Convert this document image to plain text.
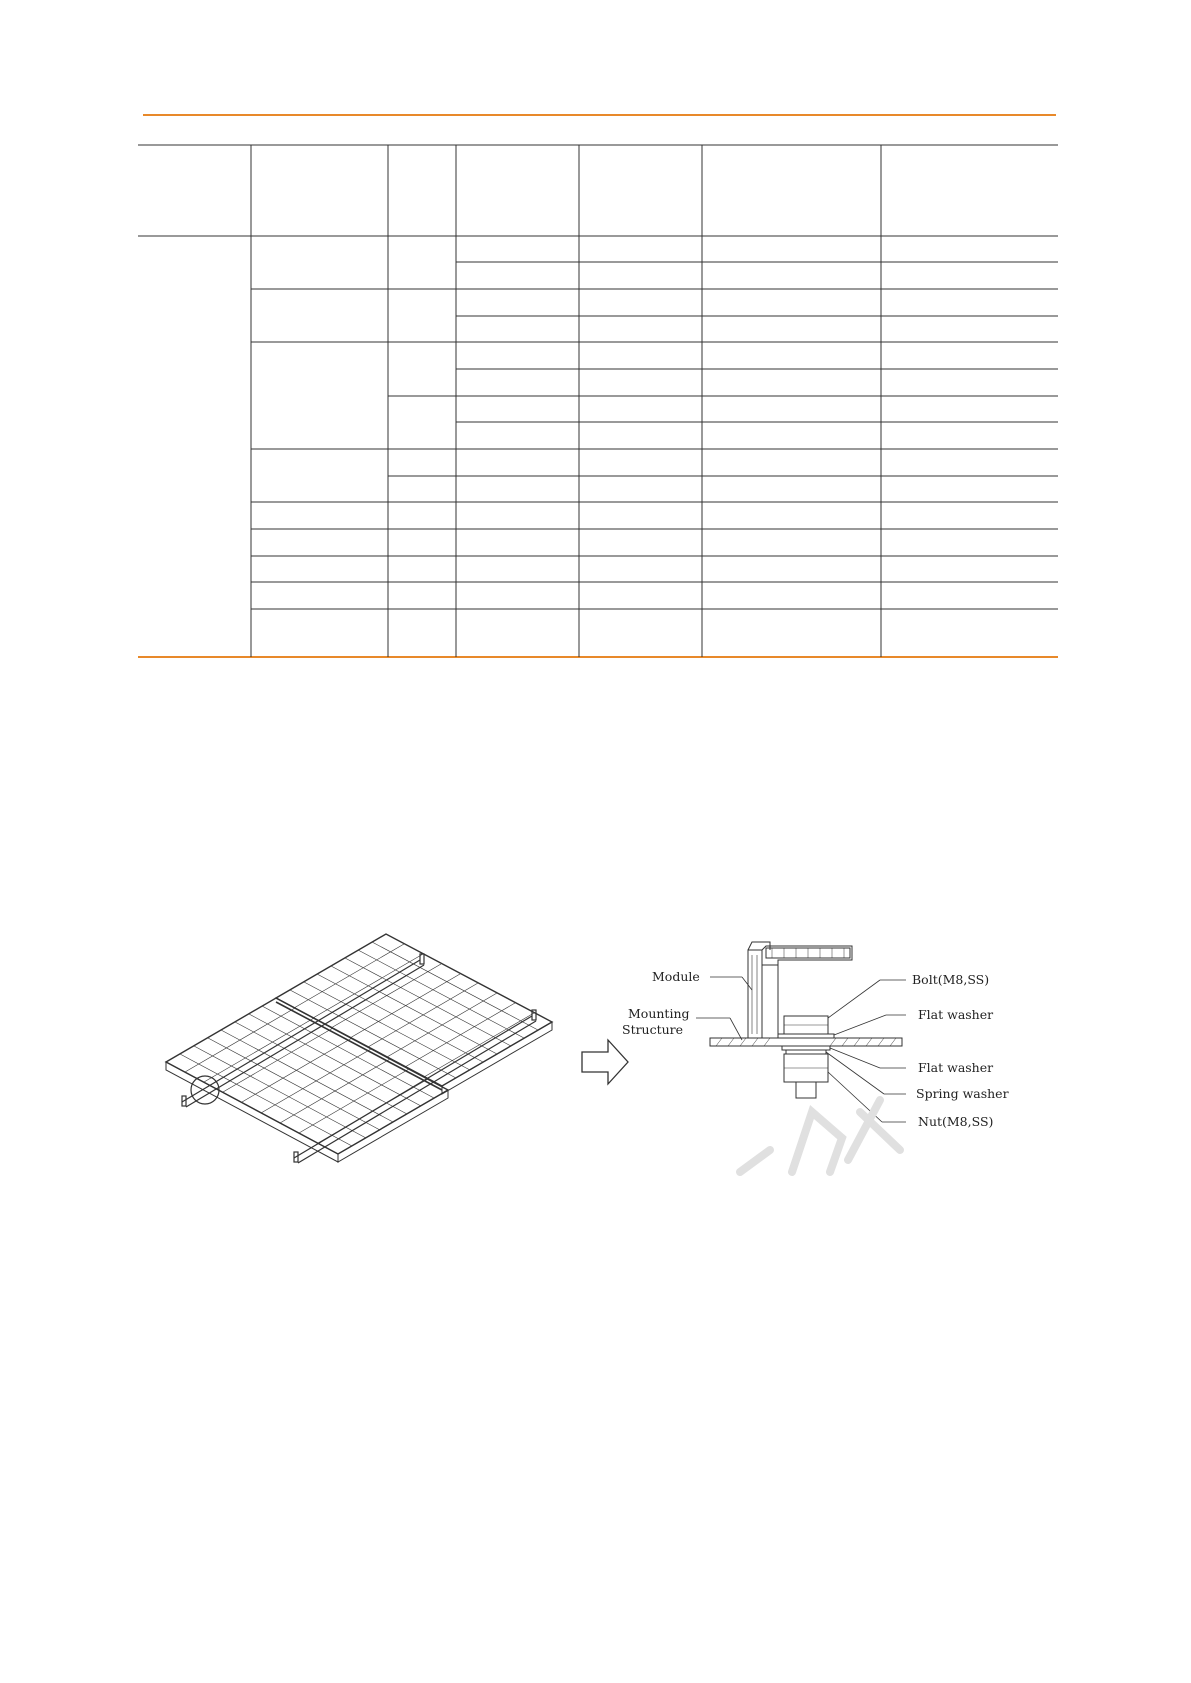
Module
Mounting
Structure
Bolt(M8,SS)
Flat washer
Flat washer
Spring washer
Nut(M8,SS)
